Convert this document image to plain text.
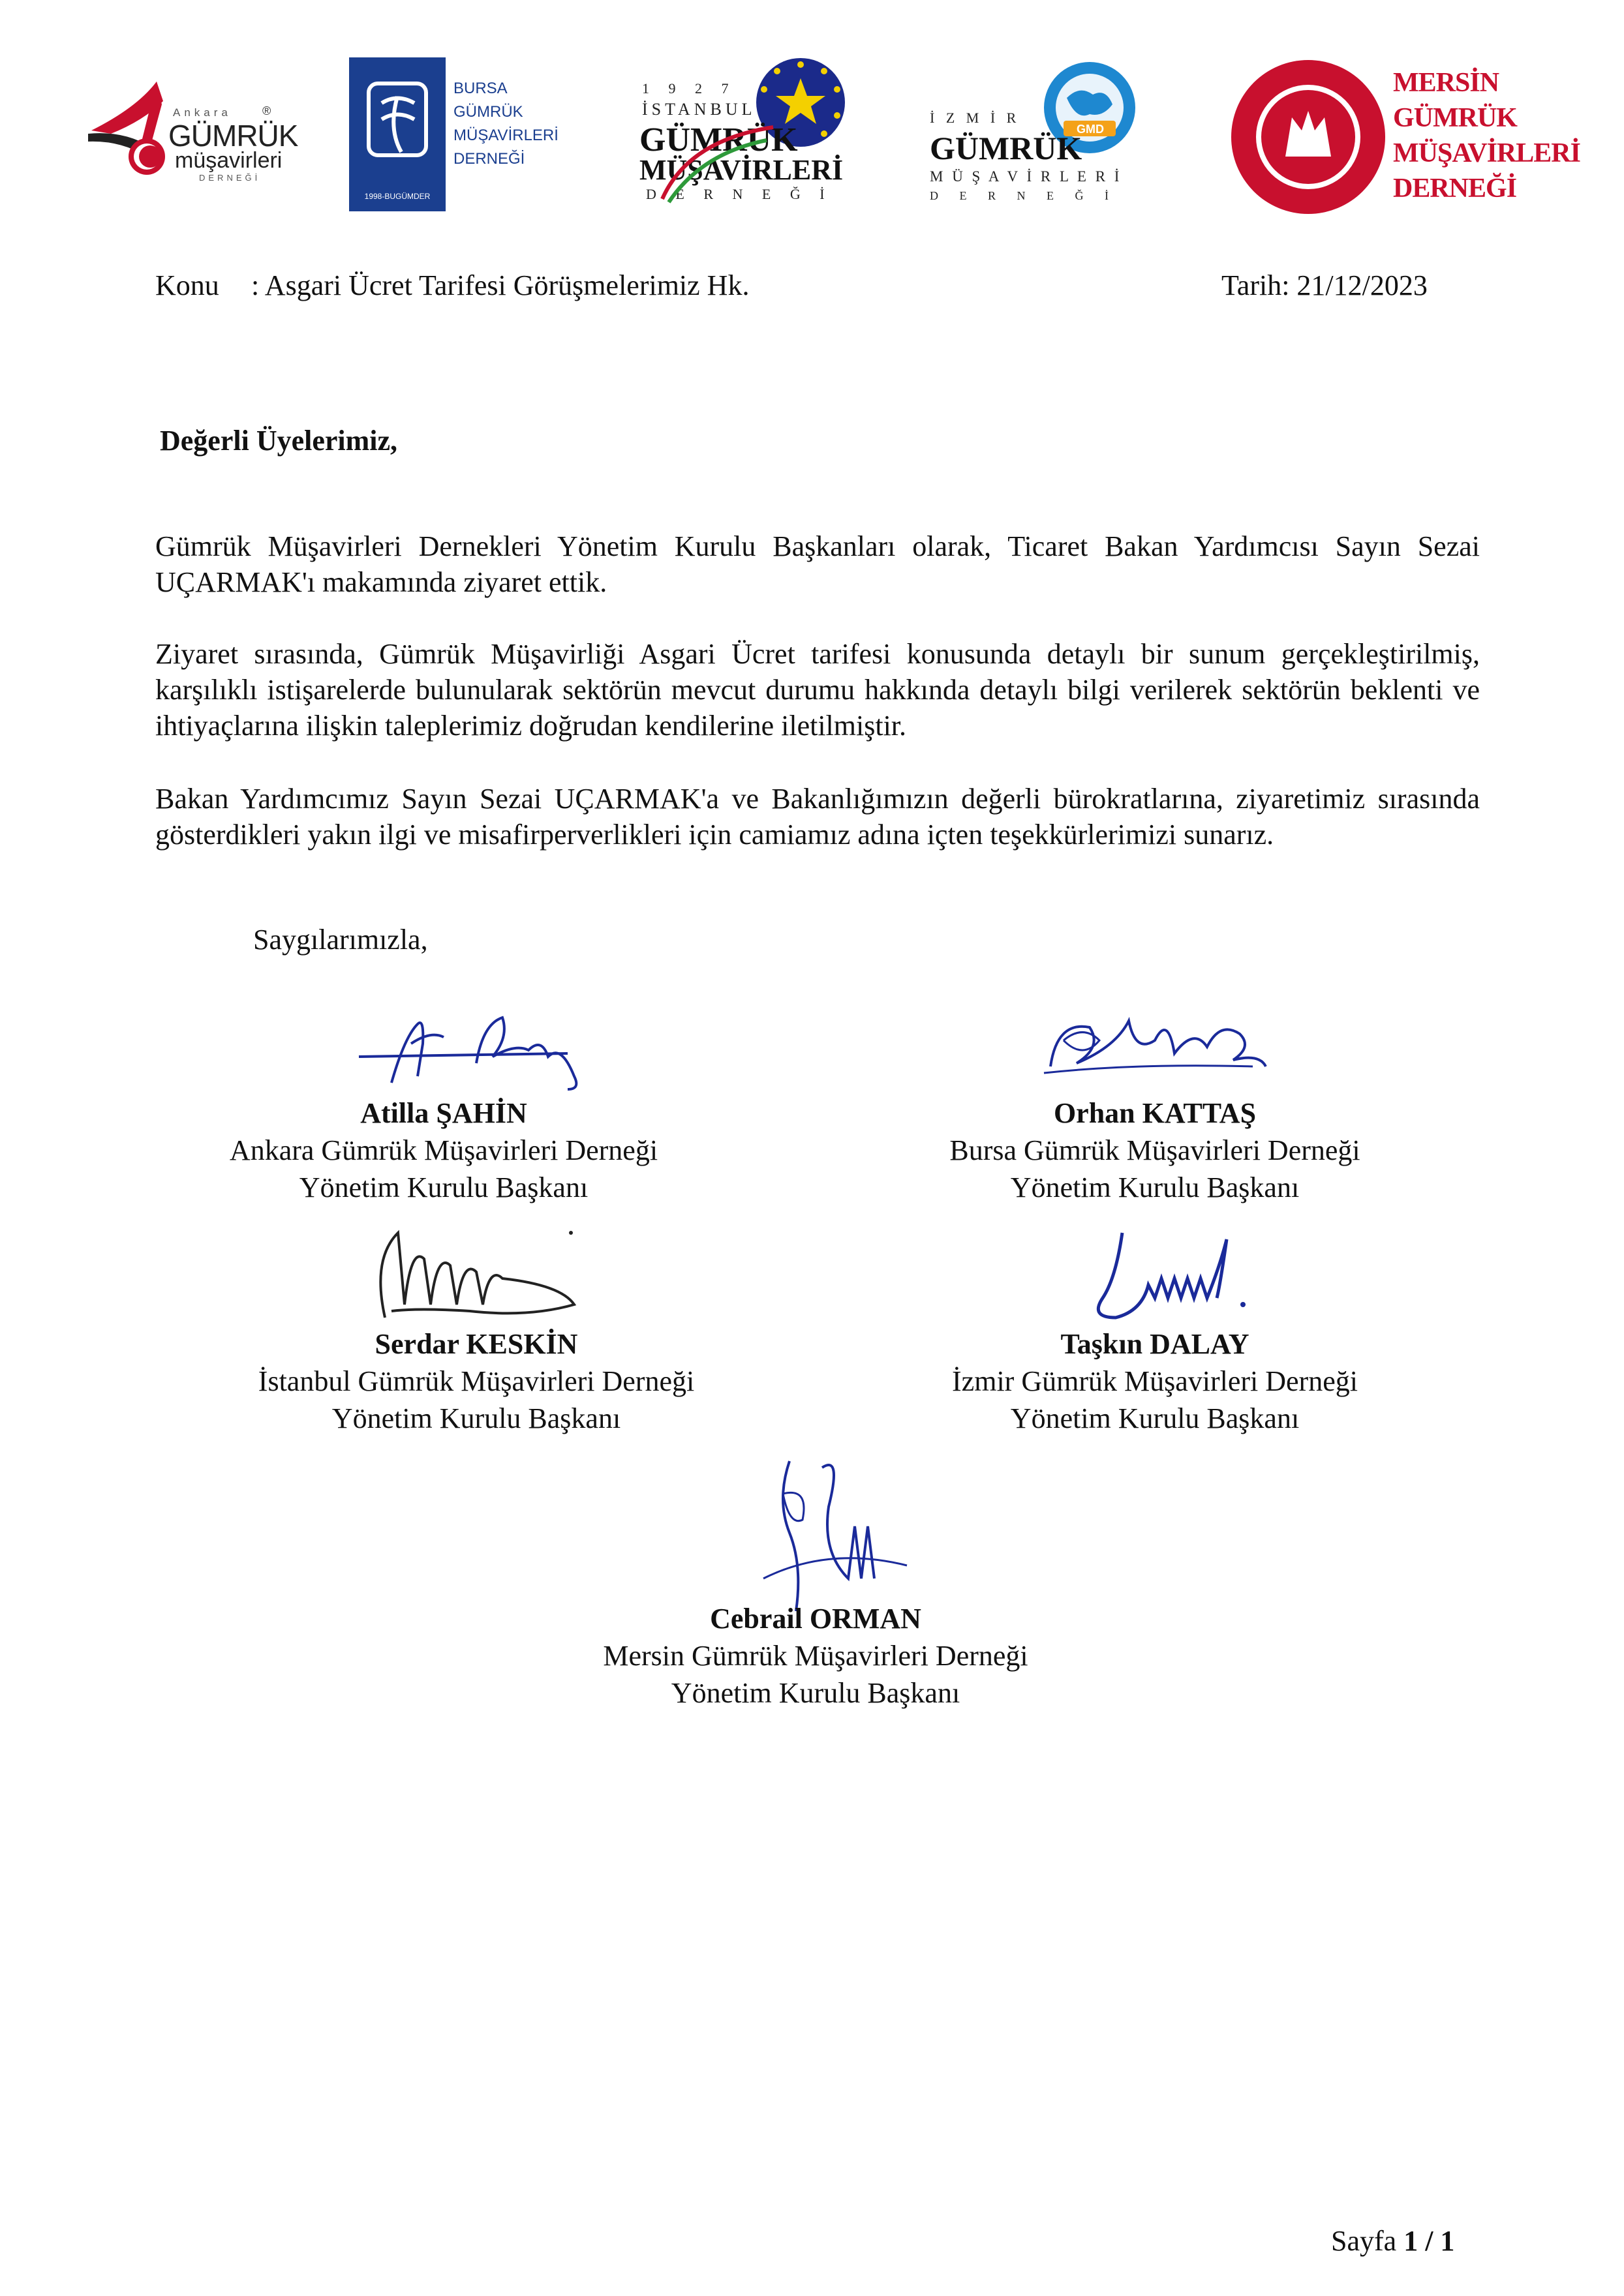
Ankara	®
GÜMRÜK
müşavirleri
DERNEĞİ
1998-BUGÜMDER
BURSA
GÜMRÜK
MÜŞAVİRLERİ
DERNEĞİ
1 9 2 7
İSTANBUL
GÜMRÜK
MÜŞAVİRLERİ
D E R N E Ğ İ
GMD
İ Z M İ R
GÜMRÜK
M Ü Ş A V İ R L E R İ
D E R N E Ğ İ
MERSİN
GÜMRÜK
MÜŞAVİRLERİ
DERNEĞİ
Konu : Asgari Ücret Tarifesi Görüşmelerimiz Hk.	Tarih: 21/12/2023
Değerli Üyelerimiz,
Gümrük Müşavirleri Dernekleri Yönetim Kurulu Başkanları olarak, Ticaret Bakan Yardımcısı Sayın Sezai UÇARMAK'ı makamında ziyaret ettik.
Ziyaret sırasında, Gümrük Müşavirliği Asgari Ücret tarifesi konusunda detaylı bir sunum gerçekleştirilmiş, karşılıklı istişarelerde bulunularak sektörün mevcut durumu hakkında detaylı bilgi verilerek sektörün beklenti ve ihtiyaçlarına ilişkin taleplerimiz doğrudan kendilerine iletilmiştir.
Bakan Yardımcımız Sayın Sezai UÇARMAK'a ve Bakanlığımızın değerli bürokratlarına, ziyaretimiz sırasında gösterdikleri yakın ilgi ve misafirperverlikleri için camiamız adına içten teşekkürlerimizi sunarız.
Saygılarımızla,
Atilla ŞAHİN
Ankara Gümrük Müşavirleri Derneği
Yönetim Kurulu Başkanı
Orhan KATTAŞ
Bursa Gümrük Müşavirleri Derneği
Yönetim Kurulu Başkanı
Serdar KESKİN
İstanbul Gümrük Müşavirleri Derneği
Yönetim Kurulu Başkanı
Taşkın DALAY
İzmir Gümrük Müşavirleri Derneği
Yönetim Kurulu Başkanı
Cebrail ORMAN
Mersin Gümrük Müşavirleri Derneği
Yönetim Kurulu Başkanı
Sayfa 1 / 1
